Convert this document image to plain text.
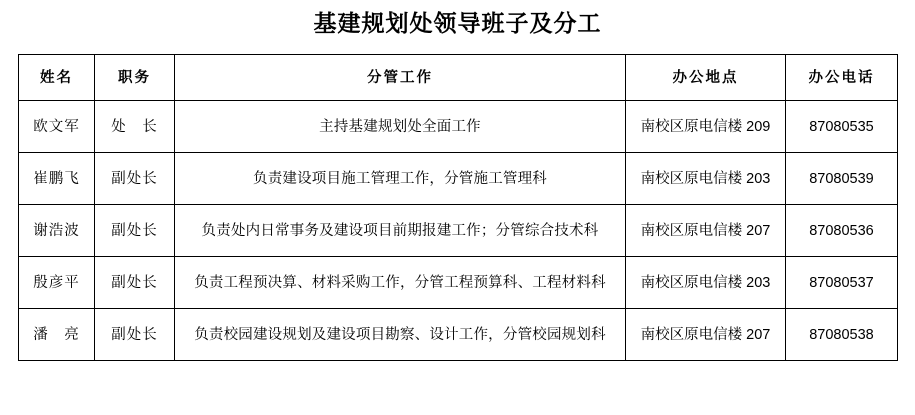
基建规划处领导班子及分工
姓名	职务	分管工作	办公地点	办公电话
欧文军	处　长	主持基建规划处全面工作	南校区原电信楼 209	87080535
崔鹏飞	副处长	负责建设项目施工管理工作，分管施工管理科	南校区原电信楼 203	87080539
谢浩波	副处长	负责处内日常事务及建设项目前期报建工作；分管综合技术科	南校区原电信楼 207	87080536
殷彦平	副处长	负责工程预决算、材料采购工作，分管工程预算科、工程材料科	南校区原电信楼 203	87080537
潘　亮	副处长	负责校园建设规划及建设项目勘察、设计工作，分管校园规划科	南校区原电信楼 207	87080538
